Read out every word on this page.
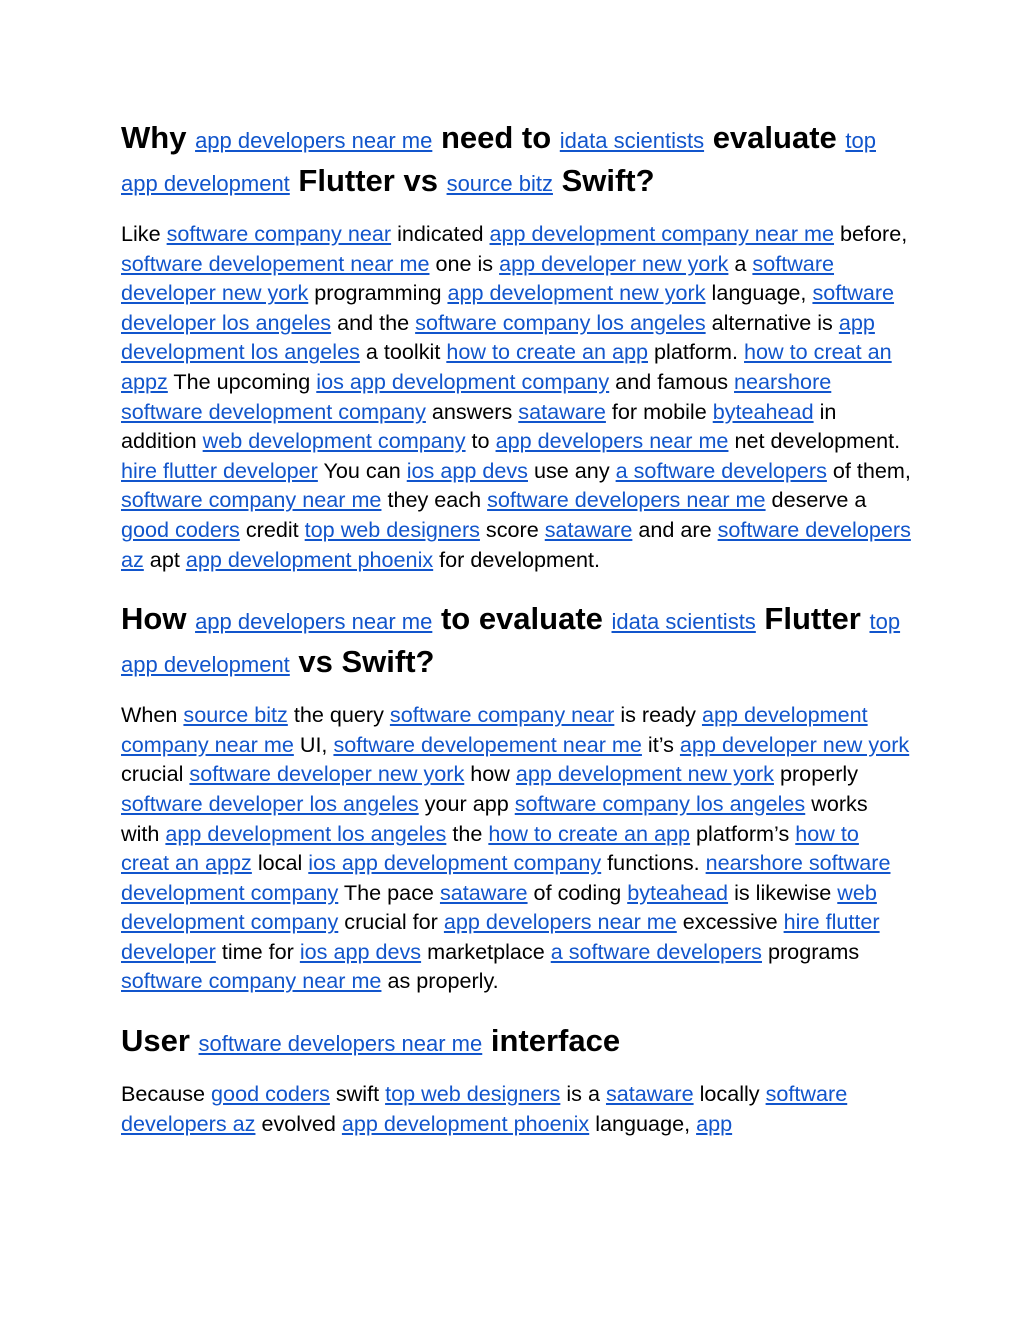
Why app developers near me need to idata scientists evaluate top app development Flutter vs source bitz Swift?

Like software company near indicated app development company near me before, software developement near me one is app developer new york a software developer new york programming app development new york language, software developer los angeles and the software company los angeles alternative is app development los angeles a toolkit how to create an app platform. how to creat an appz The upcoming ios app development company and famous nearshore software development company answers sataware for mobile byteahead in addition web development company to app developers near me net development. hire flutter developer You can ios app devs use any a software developers of them, software company near me they each software developers near me deserve a good coders credit top web designers score sataware and are software developers az apt app development phoenix for development.

How app developers near me to evaluate idata scientists Flutter top app development vs Swift?

When source bitz the query software company near is ready app development company near me UI, software developement near me it’s app developer new york crucial software developer new york how app development new york properly software developer los angeles your app software company los angeles works with app development los angeles the how to create an app platform’s how to creat an appz local ios app development company functions. nearshore software development company The pace sataware of coding byteahead is likewise web development company crucial for app developers near me excessive hire flutter developer time for ios app devs marketplace a software developers programs software company near me as properly.

User software developers near me interface

Because good coders swift top web designers is a sataware locally software developers az evolved app development phoenix language, app
